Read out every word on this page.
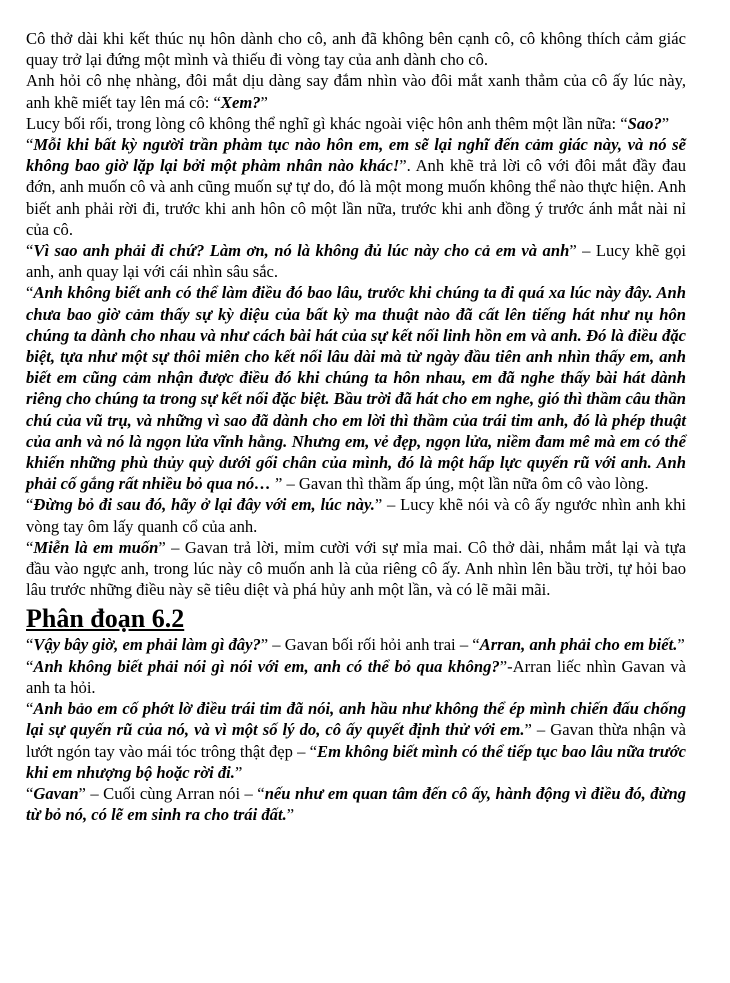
Cô thở dài khi kết thúc nụ hôn dành cho cô, anh đã không bên cạnh cô, cô không thích cảm giác quay trở lại đứng một mình và thiếu đi vòng tay của anh dành cho cô.

Anh hỏi cô nhẹ nhàng, đôi mắt dịu dàng say đắm nhìn vào đôi mắt xanh thẳm của cô ấy lúc này, anh khẽ miết tay lên má cô: “Xem?”

Lucy bối rối, trong lòng cô không thể nghĩ gì khác ngoài việc hôn anh thêm một lần nữa: “Sao?”

“Mỗi khi bất kỳ người trần phàm tục nào hôn em, em sẽ lại nghĩ đến cảm giác này, và nó sẽ không bao giờ lặp lại bởi một phàm nhân nào khác!”. Anh khẽ trả lời cô với đôi mắt đầy đau đớn, anh muốn cô và anh cũng muốn sự tự do, đó là một mong muốn không thể nào thực hiện. Anh biết anh phải rời đi, trước khi anh hôn cô một lần nữa, trước khi anh đồng ý trước ánh mắt nài nỉ của cô.

“Vì sao anh phải đi chứ? Làm ơn, nó là không đủ lúc này cho cả em và anh” – Lucy khẽ gọi anh, anh quay lại với cái nhìn sâu sắc.

“Anh không biết anh có thể làm điều đó bao lâu, trước khi chúng ta đi quá xa lúc này đây. Anh chưa bao giờ cảm thấy sự kỳ diệu của bất kỳ ma thuật nào đã cất lên tiếng hát như nụ hôn chúng ta dành cho nhau và như cách bài hát của sự kết nối linh hồn em và anh. Đó là điều đặc biệt, tựa như một sự thôi miên cho kết nối lâu dài mà từ ngày đầu tiên anh nhìn thấy em, anh biết em cũng cảm nhận được điều đó khi chúng ta hôn nhau, em đã nghe thấy bài hát dành riêng cho chúng ta trong sự kết nối đặc biệt. Bầu trời đã hát cho em nghe, gió thì thầm câu thần chú của vũ trụ, và những vì sao đã dành cho em lời thì thầm của trái tim anh, đó là phép thuật của anh và nó là ngọn lửa vĩnh hằng. Nhưng em, vẻ đẹp, ngọn lửa, niềm đam mê mà em có thể khiến những phù thủy quỳ dưới gối chân của mình, đó là một hấp lực quyến rũ với anh. Anh phải cố gắng rất nhiều bỏ qua nó… ” – Gavan thì thầm ấp úng, một lần nữa ôm cô vào lòng.

“Đừng bỏ đi sau đó, hãy ở lại đây với em, lúc này.” – Lucy khẽ nói và cô ấy ngước nhìn anh khi vòng tay ôm lấy quanh cổ của anh.

“Miễn là em muốn” – Gavan trả lời, mỉm cười với sự mỉa mai. Cô thở dài, nhắm mắt lại và tựa đầu vào ngực anh, trong lúc này cô muốn anh là của riêng cô ấy. Anh nhìn lên bầu trời, tự hỏi bao lâu trước những điều này sẽ tiêu diệt và phá hủy anh một lần, và có lẽ mãi mãi.

Phân đoạn 6.2

“Vậy bây giờ, em phải làm gì đây?” – Gavan bối rối hỏi anh trai – “Arran, anh phải cho em biết.”

“Anh không biết phải nói gì nói với em, anh có thể bỏ qua không?”-Arran liếc nhìn Gavan và anh ta hỏi.

“Anh bảo em cố phớt lờ điều trái tim đã nói, anh hầu như không thể ép mình chiến đấu chống lại sự quyến rũ của nó, và vì một số lý do, cô ấy quyết định thử với em.” – Gavan thừa nhận và lướt ngón tay vào mái tóc trông thật đẹp – “Em không biết mình có thể tiếp tục bao lâu nữa trước khi em nhượng bộ hoặc rời đi.”

“Gavan” – Cuối cùng Arran nói – “nếu như em quan tâm đến cô ấy, hành động vì điều đó, đừng từ bỏ nó, có lẽ em sinh ra cho trái đất.”
